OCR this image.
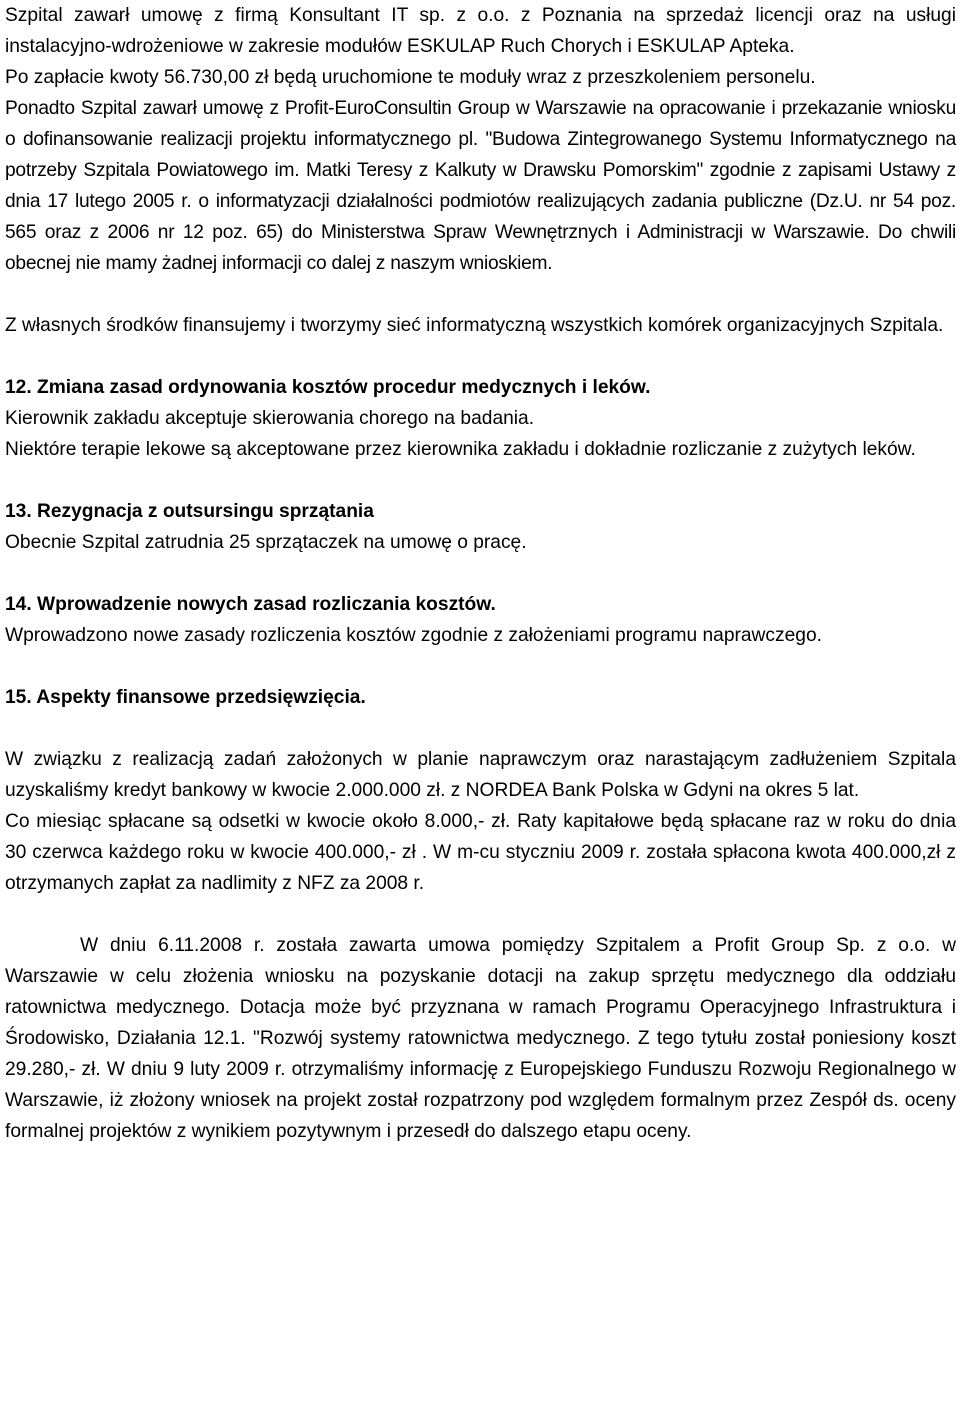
Szpital zawarł umowę z firmą Konsultant IT sp. z o.o. z Poznania na sprzedaż licencji oraz na usługi instalacyjno-wdrożeniowe w zakresie modułów ESKULAP Ruch Chorych i ESKULAP Apteka.

Po zapłacie kwoty 56.730,00 zł będą uruchomione te moduły wraz z przeszkoleniem personelu.

Ponadto Szpital zawarł umowę z Profit-EuroConsultin Group w Warszawie na opracowanie i przekazanie wniosku o dofinansowanie realizacji projektu informatycznego pl. "Budowa Zintegrowanego Systemu Informatycznego na potrzeby Szpitala Powiatowego im. Matki Teresy z Kalkuty w Drawsku Pomorskim" zgodnie z zapisami Ustawy z dnia 17 lutego 2005 r. o informatyzacji działalności podmiotów realizujących zadania publiczne (Dz.U. nr 54 poz. 565 oraz z 2006 nr 12 poz. 65) do Ministerstwa Spraw Wewnętrznych i Administracji w Warszawie. Do chwili obecnej nie mamy żadnej informacji co dalej z naszym wnioskiem.

Z własnych środków finansujemy i tworzymy sieć informatyczną wszystkich komórek organizacyjnych Szpitala.

12. Zmiana zasad ordynowania kosztów procedur medycznych i leków.

Kierownik zakładu akceptuje skierowania chorego na badania.

Niektóre terapie lekowe są akceptowane przez kierownika zakładu i dokładnie rozliczanie z zużytych leków.

13. Rezygnacja z outsursingu sprzątania

Obecnie Szpital zatrudnia 25 sprzątaczek na umowę o pracę.

14. Wprowadzenie nowych zasad rozliczania kosztów.

Wprowadzono nowe zasady rozliczenia kosztów zgodnie z założeniami programu naprawczego.

15. Aspekty finansowe przedsięwzięcia.

W związku z realizacją zadań założonych w planie naprawczym oraz narastającym zadłużeniem Szpitala uzyskaliśmy kredyt bankowy w kwocie 2.000.000 zł. z NORDEA Bank Polska w Gdyni na okres 5 lat.

Co miesiąc spłacane są odsetki w kwocie około 8.000,- zł. Raty kapitałowe będą spłacane raz w roku do dnia 30 czerwca każdego roku w kwocie 400.000,- zł . W m-cu styczniu 2009 r. została spłacona kwota 400.000,zł z otrzymanych zapłat za nadlimity z NFZ za 2008 r.

W dniu 6.11.2008 r. została zawarta umowa pomiędzy Szpitalem a Profit Group Sp. z o.o. w Warszawie w celu złożenia wniosku na pozyskanie dotacji na zakup sprzętu medycznego dla oddziału ratownictwa medycznego. Dotacja może być przyznana w ramach Programu Operacyjnego Infrastruktura i Środowisko, Działania 12.1. "Rozwój systemy ratownictwa medycznego. Z tego tytułu został poniesiony koszt 29.280,- zł. W dniu 9 luty 2009 r. otrzymaliśmy informację z Europejskiego Funduszu Rozwoju Regionalnego w Warszawie, iż złożony wniosek na projekt został rozpatrzony pod względem formalnym przez Zespół ds. oceny formalnej projektów z wynikiem pozytywnym i przesedł do dalszego etapu oceny.
